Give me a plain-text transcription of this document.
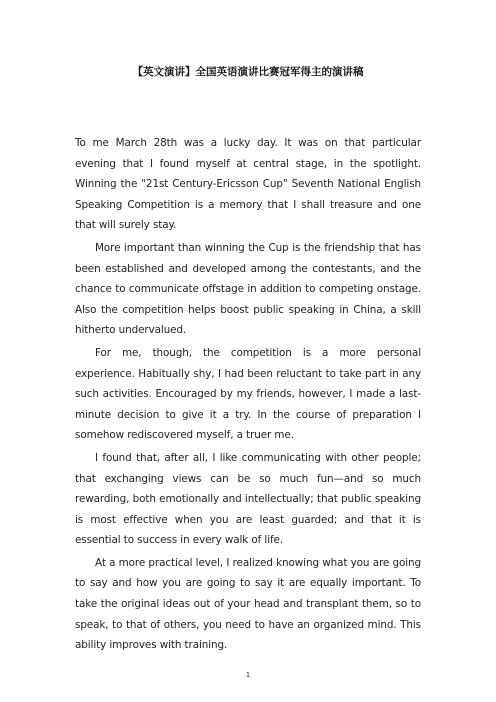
【英文演讲】全国英语演讲比赛冠军得主的演讲稿

To me March 28th was a lucky day. It was on that particular evening that I found myself at central stage, in the spotlight. Winning the "21st Century-Ericsson Cup" Seventh National English Speaking Competition is a memory that I shall treasure and one that will surely stay.

More important than winning the Cup is the friendship that has been established and developed among the contestants, and the chance to communicate offstage in addition to competing onstage. Also the competition helps boost public speaking in China, a skill hitherto undervalued.

For me, though, the competition is a more personal experience. Habitually shy, I had been reluctant to take part in any such activities. Encouraged by my friends, however, I made a last-minute decision to give it a try. In the course of preparation I somehow rediscovered myself, a truer me.

I found that, after all, I like communicating with other people; that exchanging views can be so much fun—and so much rewarding, both emotionally and intellectually; that public speaking is most effective when you are least guarded; and that it is essential to success in every walk of life.

At a more practical level, I realized knowing what you are going to say and how you are going to say it are equally important. To take the original ideas out of your head and transplant them, so to speak, to that of others, you need to have an organized mind. This ability improves with training.

1
